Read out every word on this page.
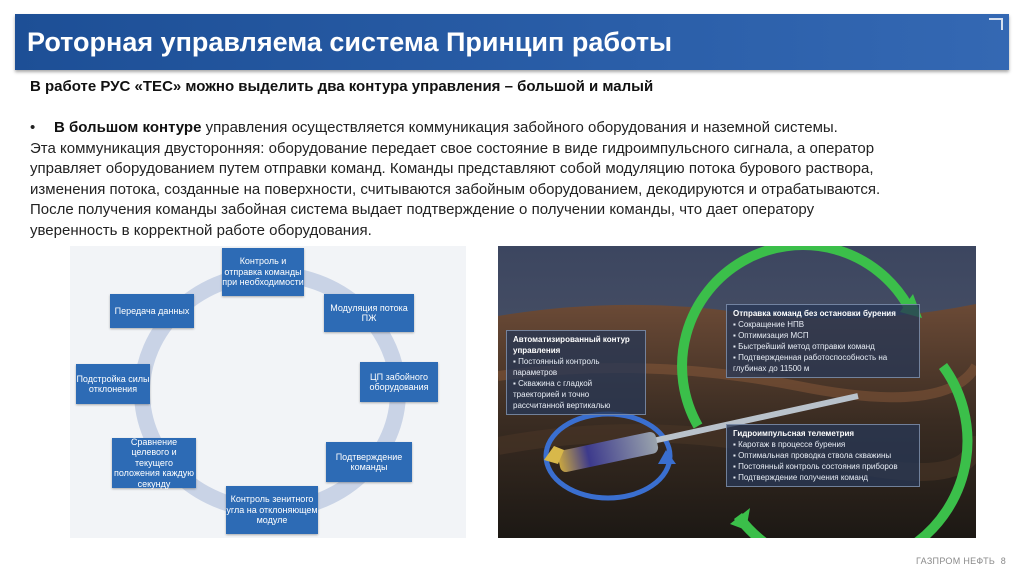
Роторная управляема система Принцип работы
В работе РУС «TEC» можно выделить два контура управления – большой и малый
• В большом контуре управления осуществляется коммуникация забойного оборудования и наземной системы.
Эта коммуникация двусторонняя: оборудование передает свое состояние в виде гидроимпульсного сигнала, а оператор
управляет оборудованием путем отправки команд. Команды представляют собой модуляцию потока бурового раствора,
изменения потока, созданные на поверхности, считываются забойным оборудованием, декодируются и отрабатываются.
После получения команды забойная система выдает подтверждение о получении команды, что дает оператору
уверенность в корректной работе оборудования.
Контроль и отправка команды при необходимости
Модуляция потока ПЖ
ЦП забойного оборудования
Подтверждение команды
Контроль зенитного угла на отклоняющем модуле
Сравнение целевого и текущего положения каждую секунду
Подстройка силы отклонения
Передача данных
Автоматизированный контур управления
▪ Постоянный контроль параметров
▪ Скважина с гладкой траекторией и точно рассчитанной вертикалью
Отправка команд без остановки бурения
▪ Сокращение НПВ
▪ Оптимизация МСП
▪ Быстрейший метод отправки команд
▪ Подтвержденная работоспособность на глубинах до 11500 м
Гидроимпульсная телеметрия
▪ Каротаж в процессе бурения
▪ Оптимальная проводка ствола скважины
▪ Постоянный контроль состояния приборов
▪ Подтверждение получения команд
ГАЗПРОМ НЕФТЬ 8
